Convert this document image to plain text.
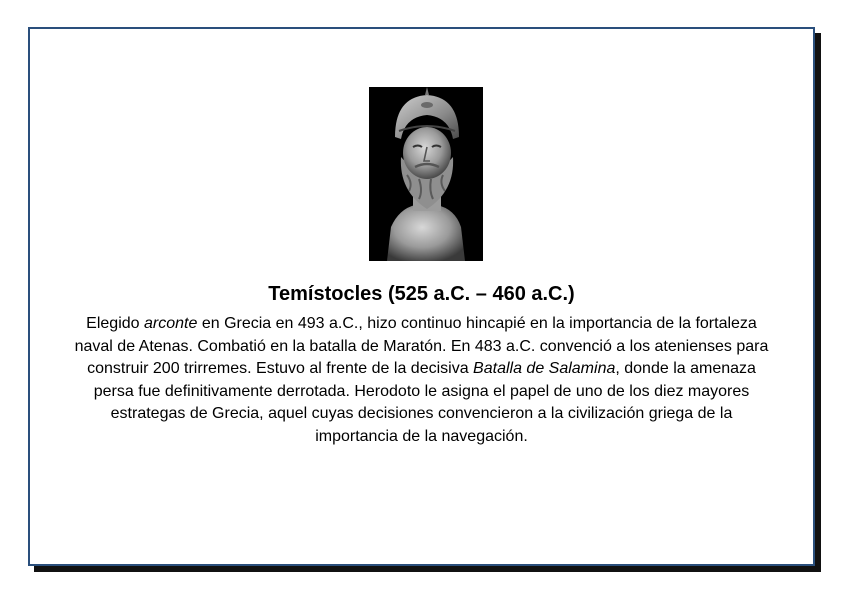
Temístocles (525 a.C. – 460 a.C.)
Elegido arconte en Grecia en 493 a.C., hizo continuo hincapié en la importancia de la fortaleza naval de Atenas. Combatió en la batalla de Maratón. En 483 a.C. convenció a los atenienses para construir 200 trirremes. Estuvo al frente de la decisiva Batalla de Salamina, donde la amenaza persa fue definitivamente derrotada. Herodoto le asigna el papel de uno de los diez mayores estrategas de Grecia, aquel cuyas decisiones convencieron a la civilización griega de la importancia de la navegación.
